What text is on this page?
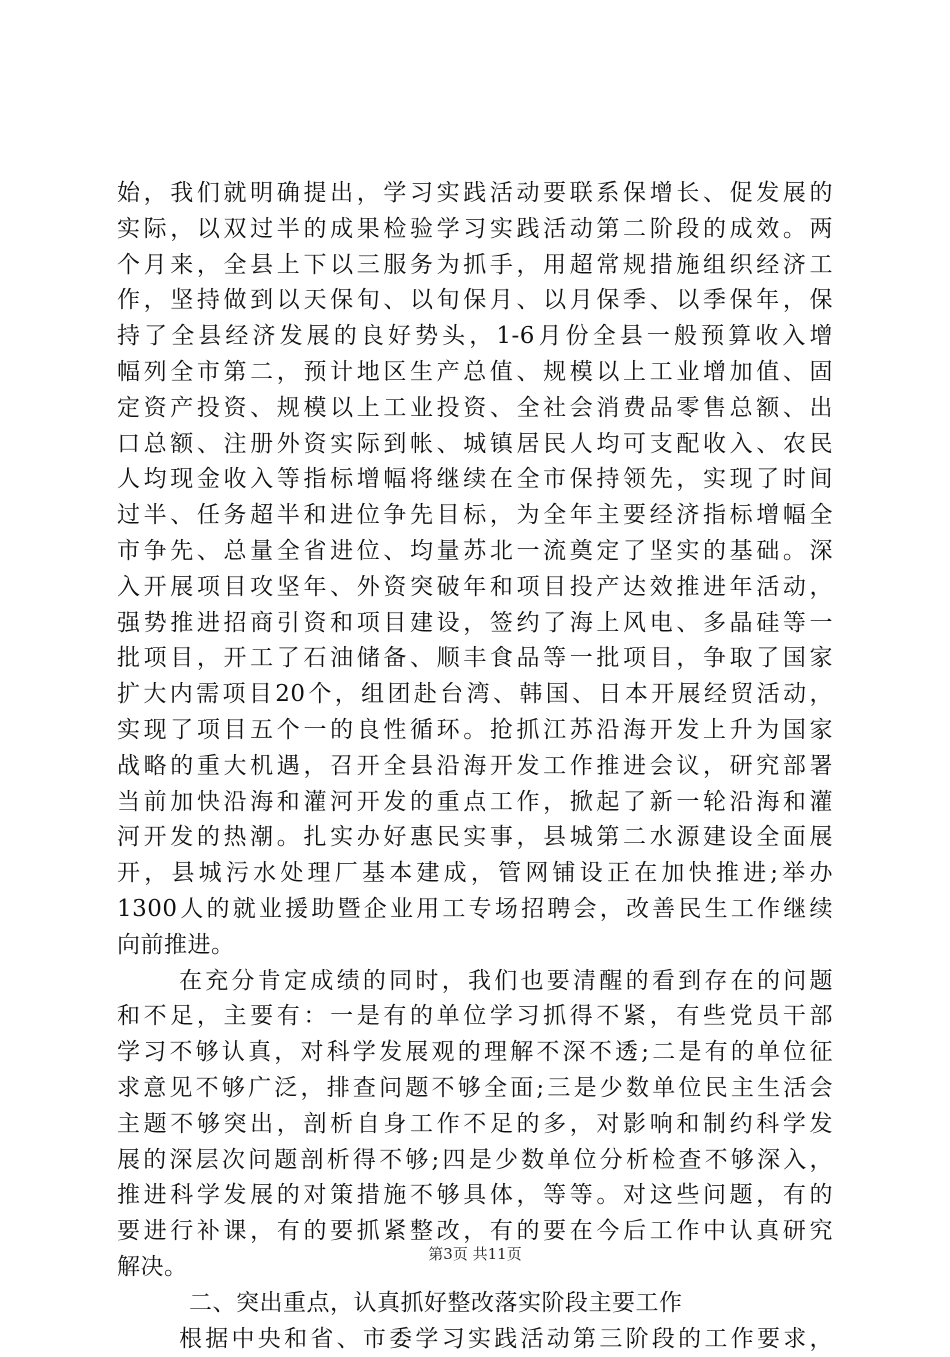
始，我们就明确提出，学习实践活动要联系保增长、促发展的
实际，以双过半的成果检验学习实践活动第二阶段的成效。两
个月来，全县上下以三服务为抓手，用超常规措施组织经济工
作，坚持做到以天保旬、以旬保月、以月保季、以季保年，保
持了全县经济发展的良好势头，1-6月份全县一般预算收入增
幅列全市第二，预计地区生产总值、规模以上工业增加值、固
定资产投资、规模以上工业投资、全社会消费品零售总额、出
口总额、注册外资实际到帐、城镇居民人均可支配收入、农民
人均现金收入等指标增幅将继续在全市保持领先，实现了时间
过半、任务超半和进位争先目标，为全年主要经济指标增幅全
市争先、总量全省进位、均量苏北一流奠定了坚实的基础。深
入开展项目攻坚年、外资突破年和项目投产达效推进年活动，
强势推进招商引资和项目建设，签约了海上风电、多晶硅等一
批项目，开工了石油储备、顺丰食品等一批项目，争取了国家
扩大内需项目20个，组团赴台湾、韩国、日本开展经贸活动，
实现了项目五个一的良性循环。抢抓江苏沿海开发上升为国家
战略的重大机遇，召开全县沿海开发工作推进会议，研究部署
当前加快沿海和灌河开发的重点工作，掀起了新一轮沿海和灌
河开发的热潮。扎实办好惠民实事，县城第二水源建设全面展
开，县城污水处理厂基本建成，管网铺设正在加快推进;举办
1300人的就业援助暨企业用工专场招聘会，改善民生工作继续
向前推进。
在充分肯定成绩的同时，我们也要清醒的看到存在的问题
和不足，主要有：一是有的单位学习抓得不紧，有些党员干部
学习不够认真，对科学发展观的理解不深不透;二是有的单位征
求意见不够广泛，排查问题不够全面;三是少数单位民主生活会
主题不够突出，剖析自身工作不足的多，对影响和制约科学发
展的深层次问题剖析得不够;四是少数单位分析检查不够深入，
推进科学发展的对策措施不够具体，等等。对这些问题，有的
要进行补课，有的要抓紧整改，有的要在今后工作中认真研究
解决。
二、突出重点，认真抓好整改落实阶段主要工作
根据中央和省、市委学习实践活动第三阶段的工作要求，
第3页 共11页
